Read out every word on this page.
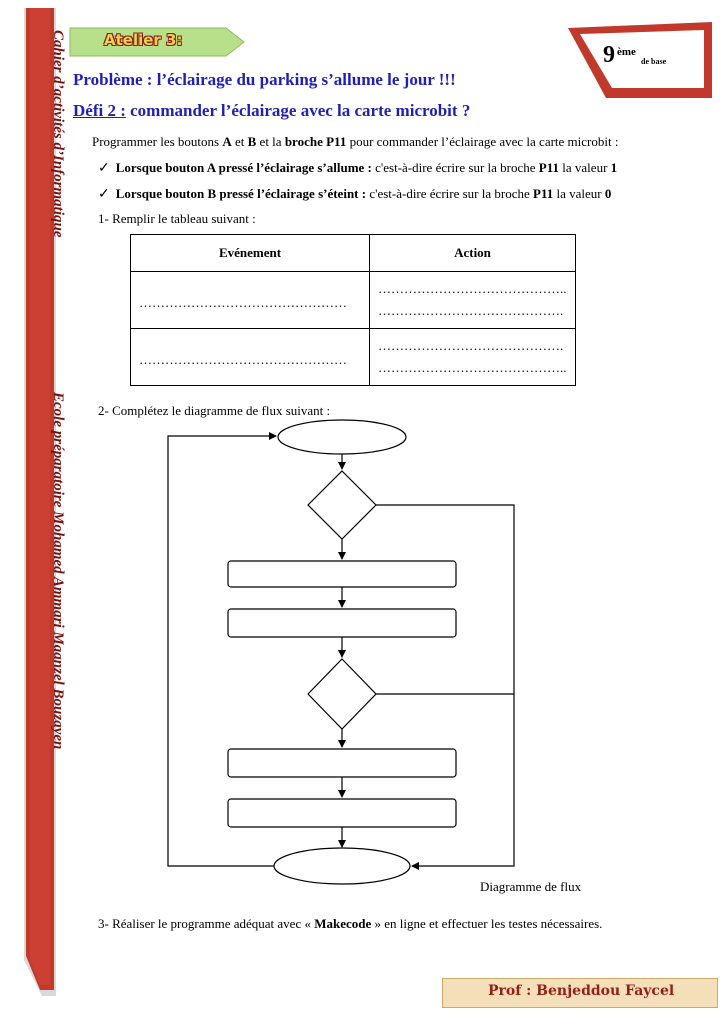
Cahier d’activités d’Informatique
Ecole préparatoire Mohamed Ammari Maanzel Bouzayen
Atelier 3:
9 ème
de base
Problème : l’éclairage du parking s’allume le jour !!!
Défi 2 : commander l’éclairage avec la carte microbit ?
Programmer les boutons A et B et la broche P11 pour commander l’éclairage avec la carte microbit :
✓ Lorsque bouton A pressé l’éclairage s’allume : c'est-à-dire écrire sur la broche P11 la valeur 1
✓ Lorsque bouton B pressé l’éclairage s’éteint : c'est-à-dire écrire sur la broche P11 la valeur 0
1- Remplir le tableau suivant :
Evénement	Action

…………………………………………	……………………………………..
…………………………………….

…………………………………………	…………………………………….
……………………………………..
2- Complétez le diagramme de flux suivant :
Diagramme de flux
3- Réaliser le programme adéquat avec « Makecode » en ligne et effectuer les testes nécessaires.
Prof : Benjeddou Faycel
